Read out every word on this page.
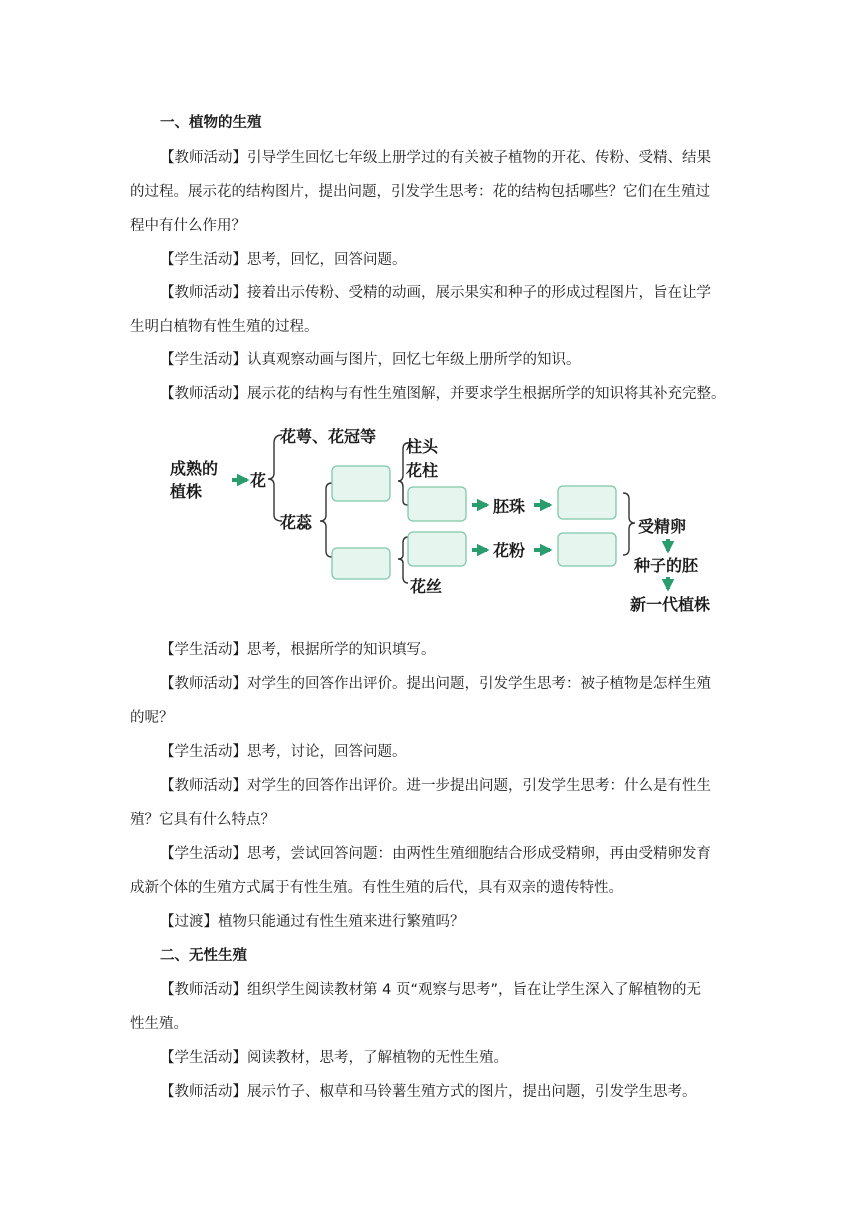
一、植物的生殖
【教师活动】引导学生回忆七年级上册学过的有关被子植物的开花、传粉、受精、结果
的过程。展示花的结构图片，提出问题，引发学生思考：花的结构包括哪些？它们在生殖过
程中有什么作用？
【学生活动】思考，回忆，回答问题。
【教师活动】接着出示传粉、受精的动画，展示果实和种子的形成过程图片，旨在让学
生明白植物有性生殖的过程。
【学生活动】认真观察动画与图片，回忆七年级上册所学的知识。
【教师活动】展示花的结构与有性生殖图解，并要求学生根据所学的知识将其补充完整。
成熟的
植株
花
花萼、花冠等
花蕊
柱头
花柱
胚珠
花粉
花丝
受精卵
种子的胚
新一代植株
【学生活动】思考，根据所学的知识填写。
【教师活动】对学生的回答作出评价。提出问题，引发学生思考：被子植物是怎样生殖
的呢？
【学生活动】思考，讨论，回答问题。
【教师活动】对学生的回答作出评价。进一步提出问题，引发学生思考：什么是有性生
殖？它具有什么特点？
【学生活动】思考，尝试回答问题：由两性生殖细胞结合形成受精卵，再由受精卵发育
成新个体的生殖方式属于有性生殖。有性生殖的后代，具有双亲的遗传特性。
【过渡】植物只能通过有性生殖来进行繁殖吗？
二、无性生殖
【教师活动】组织学生阅读教材第 4 页“观察与思考”，旨在让学生深入了解植物的无
性生殖。
【学生活动】阅读教材，思考，了解植物的无性生殖。
【教师活动】展示竹子、椒草和马铃薯生殖方式的图片，提出问题，引发学生思考。
